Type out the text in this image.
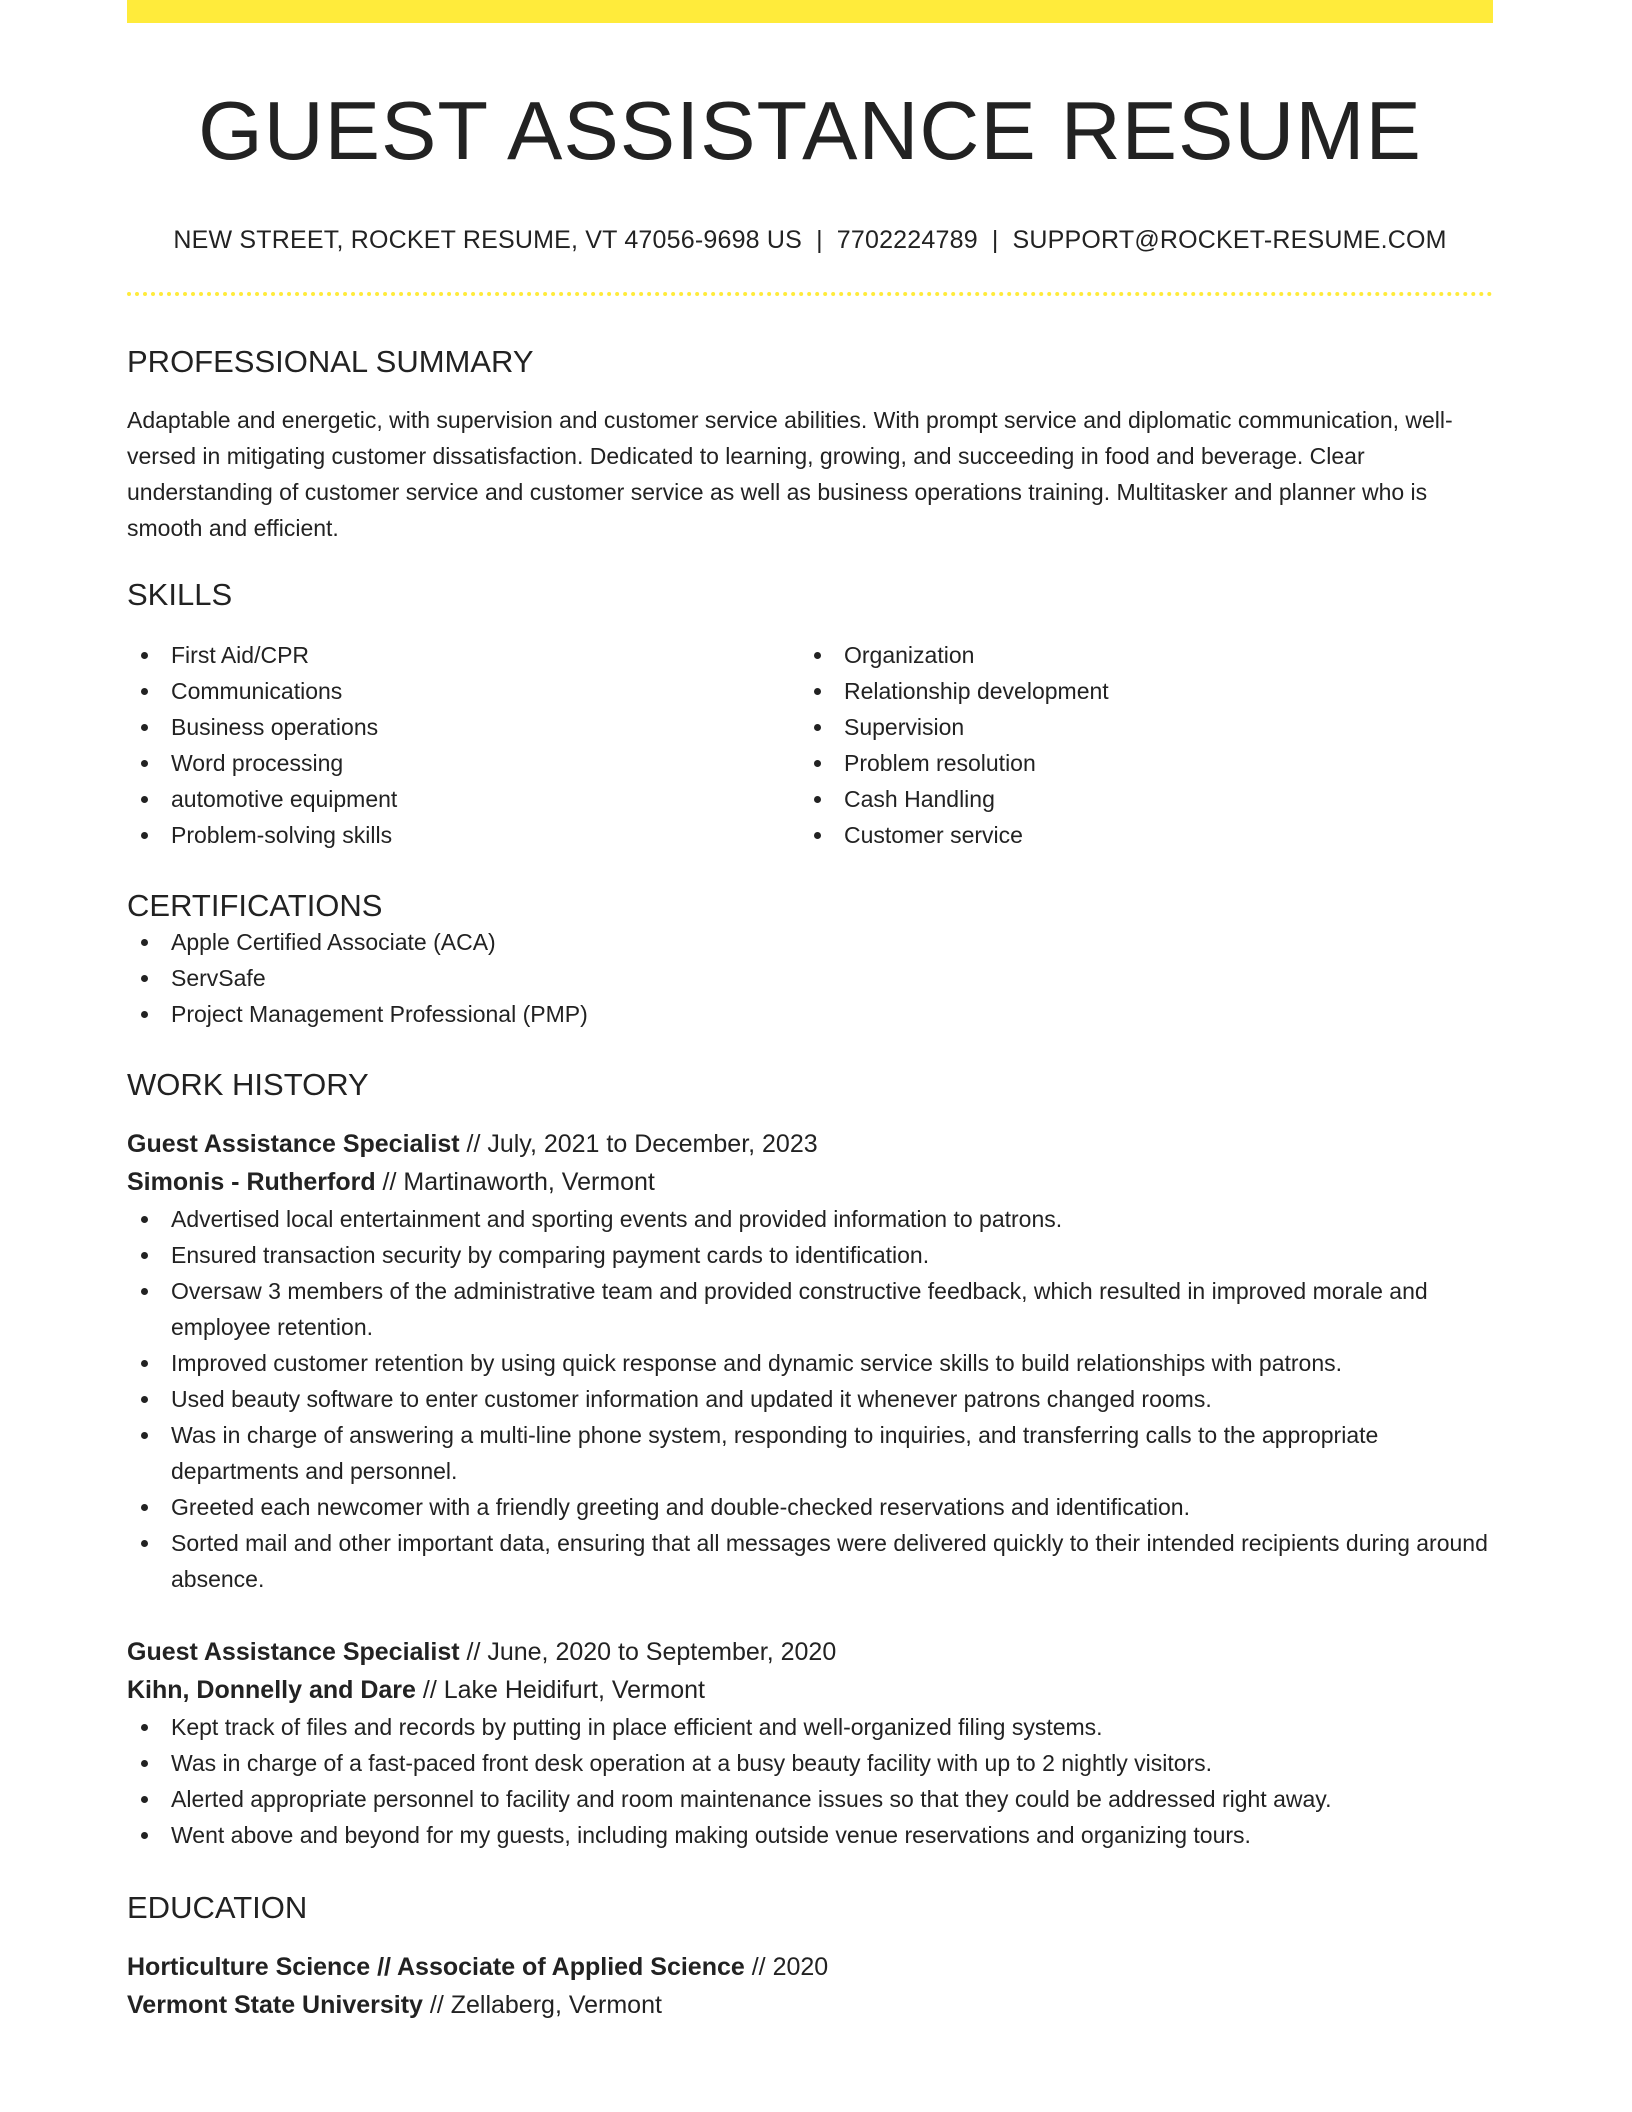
GUEST ASSISTANCE RESUME
NEW STREET, ROCKET RESUME, VT 47056-9698 US | 7702224789 | SUPPORT@ROCKET-RESUME.COM
PROFESSIONAL SUMMARY

Adaptable and energetic, with supervision and customer service abilities. With prompt service and diplomatic communication, well-versed in mitigating customer dissatisfaction. Dedicated to learning, growing, and succeeding in food and beverage. Clear understanding of customer service and customer service as well as business operations training. Multitasker and planner who is smooth and efficient.

SKILLS
First Aid/CPR
Communications
Business operations
Word processing
automotive equipment
Problem-solving skills
Organization
Relationship development
Supervision
Problem resolution
Cash Handling
Customer service
CERTIFICATIONS
Apple Certified Associate (ACA)
ServSafe
Project Management Professional (PMP)
WORK HISTORY
Guest Assistance Specialist // July, 2021 to December, 2023
Simonis - Rutherford // Martinaworth, Vermont
Advertised local entertainment and sporting events and provided information to patrons.
Ensured transaction security by comparing payment cards to identification.
Oversaw 3 members of the administrative team and provided constructive feedback, which resulted in improved morale and employee retention.
Improved customer retention by using quick response and dynamic service skills to build relationships with patrons.
Used beauty software to enter customer information and updated it whenever patrons changed rooms.
Was in charge of answering a multi-line phone system, responding to inquiries, and transferring calls to the appropriate departments and personnel.
Greeted each newcomer with a friendly greeting and double-checked reservations and identification.
Sorted mail and other important data, ensuring that all messages were delivered quickly to their intended recipients during around absence.
Guest Assistance Specialist // June, 2020 to September, 2020
Kihn, Donnelly and Dare // Lake Heidifurt, Vermont
Kept track of files and records by putting in place efficient and well-organized filing systems.
Was in charge of a fast-paced front desk operation at a busy beauty facility with up to 2 nightly visitors.
Alerted appropriate personnel to facility and room maintenance issues so that they could be addressed right away.
Went above and beyond for my guests, including making outside venue reservations and organizing tours.
EDUCATION
Horticulture Science // Associate of Applied Science // 2020
Vermont State University // Zellaberg, Vermont
